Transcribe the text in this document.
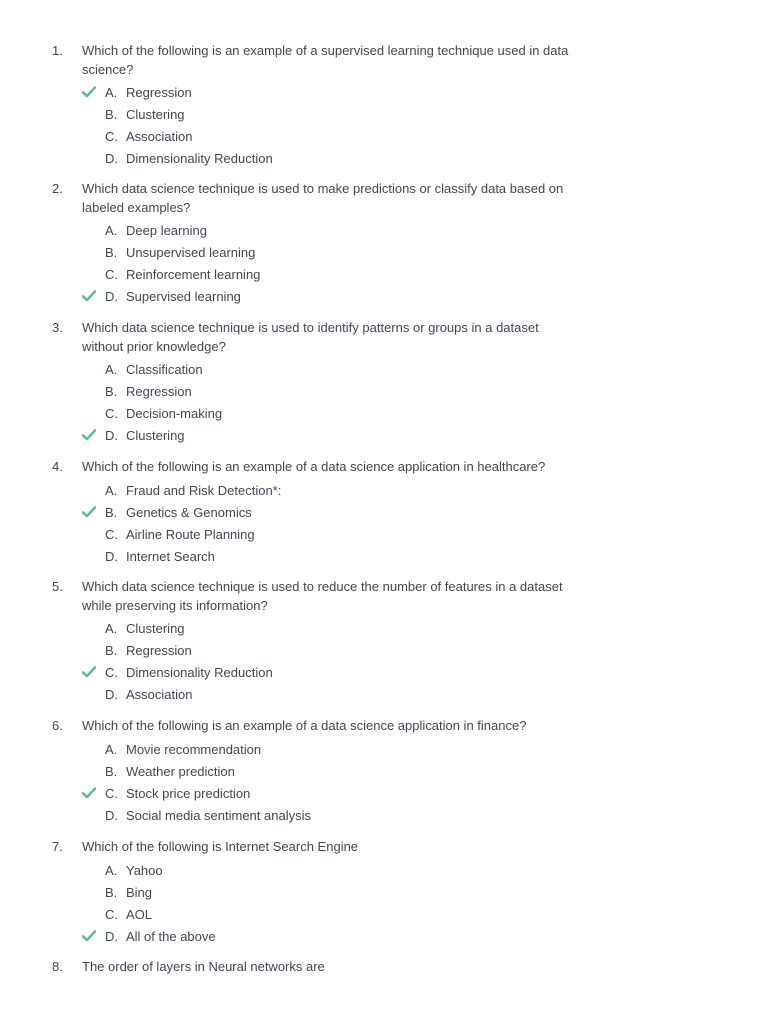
1. Which of the following is an example of a supervised learning technique used in data science?
A. Regression
B. Clustering
C. Association
D. Dimensionality Reduction
2. Which data science technique is used to make predictions or classify data based on labeled examples?
A. Deep learning
B. Unsupervised learning
C. Reinforcement learning
D. Supervised learning
3. Which data science technique is used to identify patterns or groups in a dataset without prior knowledge?
A. Classification
B. Regression
C. Decision-making
D. Clustering
4. Which of the following is an example of a data science application in healthcare?
A. Fraud and Risk Detection*:
B. Genetics & Genomics
C. Airline Route Planning
D. Internet Search
5. Which data science technique is used to reduce the number of features in a dataset while preserving its information?
A. Clustering
B. Regression
C. Dimensionality Reduction
D. Association
6. Which of the following is an example of a data science application in finance?
A. Movie recommendation
B. Weather prediction
C. Stock price prediction
D. Social media sentiment analysis
7. Which of the following is Internet Search Engine
A. Yahoo
B. Bing
C. AOL
D. All of the above
8. The order of layers in Neural networks are
